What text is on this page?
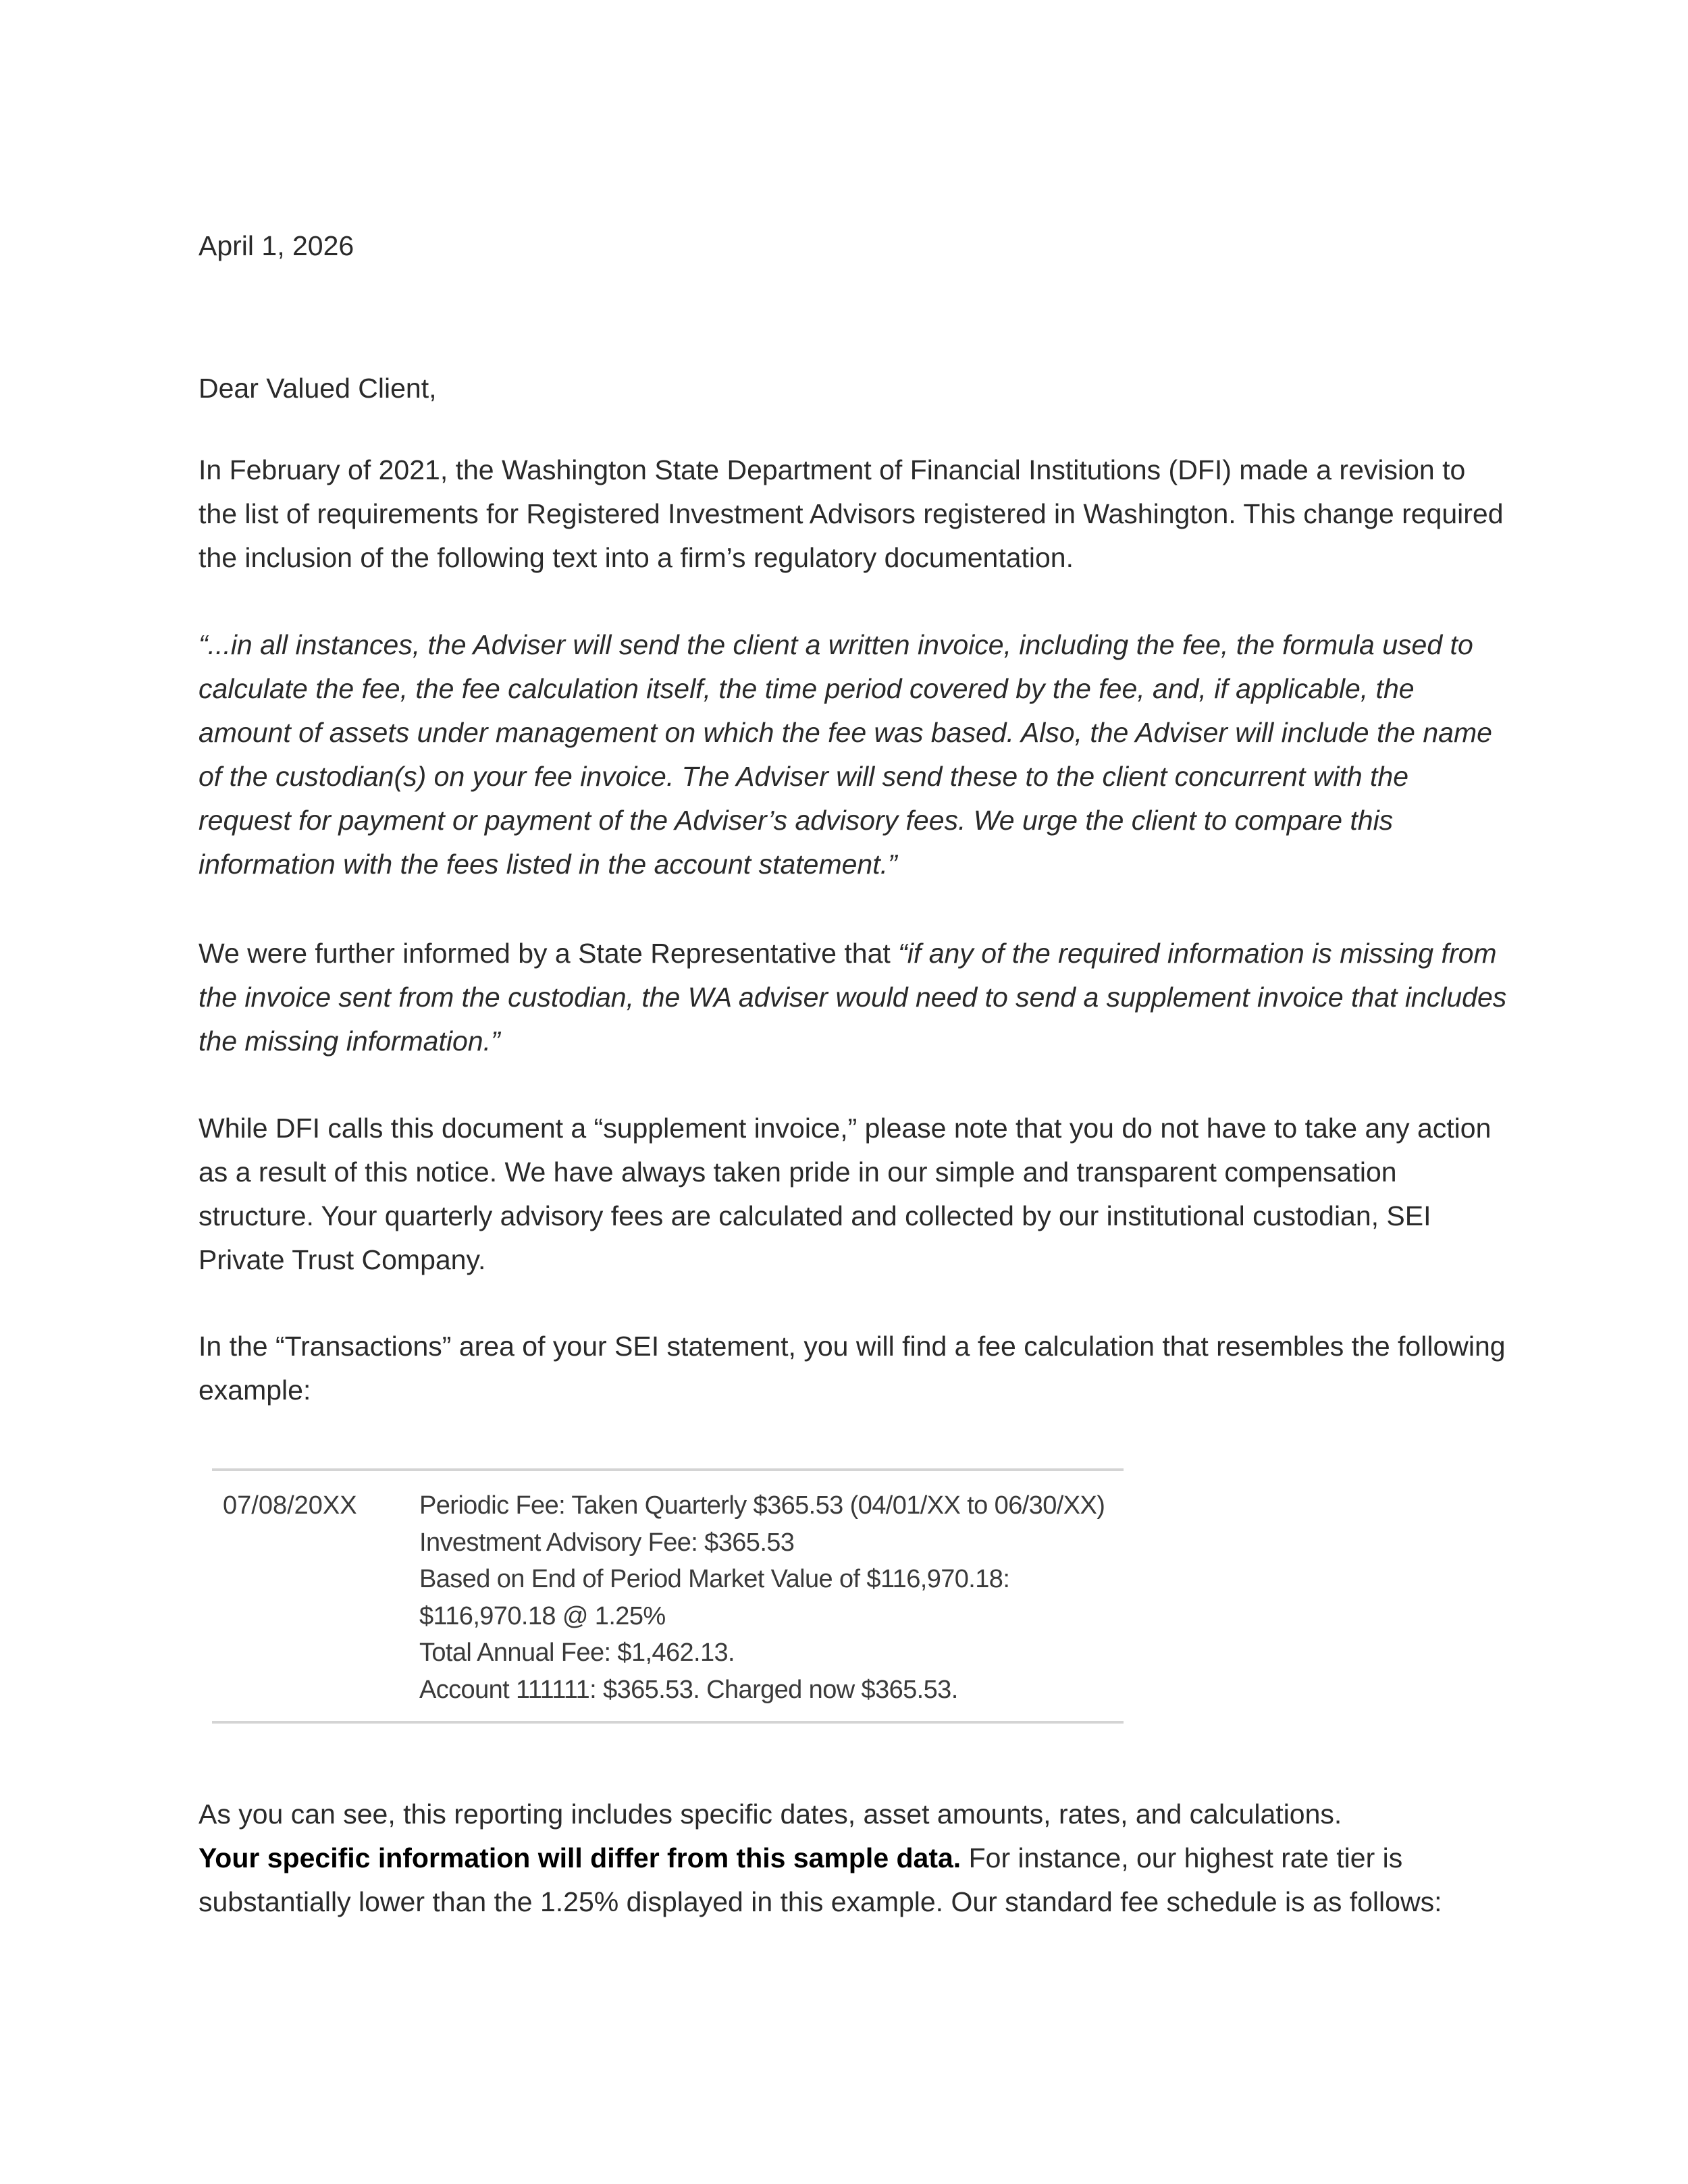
April 1, 2026

Dear Valued Client,

In February of 2021, the Washington State Department of Financial Institutions (DFI) made a revision to the list of requirements for Registered Investment Advisors registered in Washington. This change required the inclusion of the following text into a firm’s regulatory documentation.

“...in all instances, the Adviser will send the client a written invoice, including the fee, the formula used to calculate the fee, the fee calculation itself, the time period covered by the fee, and, if applicable, the amount of assets under management on which the fee was based. Also, the Adviser will include the name of the custodian(s) on your fee invoice. The Adviser will send these to the client concurrent with the request for payment or payment of the Adviser’s advisory fees. We urge the client to compare this information with the fees listed in the account statement.”

We were further informed by a State Representative that “if any of the required information is missing from the invoice sent from the custodian, the WA adviser would need to send a supplement invoice that includes the missing information.”

While DFI calls this document a “supplement invoice,” please note that you do not have to take any action as a result of this notice. We have always taken pride in our simple and transparent compensation structure. Your quarterly advisory fees are calculated and collected by our institutional custodian, SEI Private Trust Company.

In the “Transactions” area of your SEI statement, you will find a fee calculation that resembles the following example:

07/08/20XX Periodic Fee: Taken Quarterly $365.53 (04/01/XX to 06/30/XX)
Investment Advisory Fee: $365.53
Based on End of Period Market Value of $116,970.18:
$116,970.18 @ 1.25%
Total Annual Fee: $1,462.13.
Account 111111: $365.53. Charged now $365.53.

As you can see, this reporting includes specific dates, asset amounts, rates, and calculations.
Your specific information will differ from this sample data. For instance, our highest rate tier is substantially lower than the 1.25% displayed in this example. Our standard fee schedule is as follows:
